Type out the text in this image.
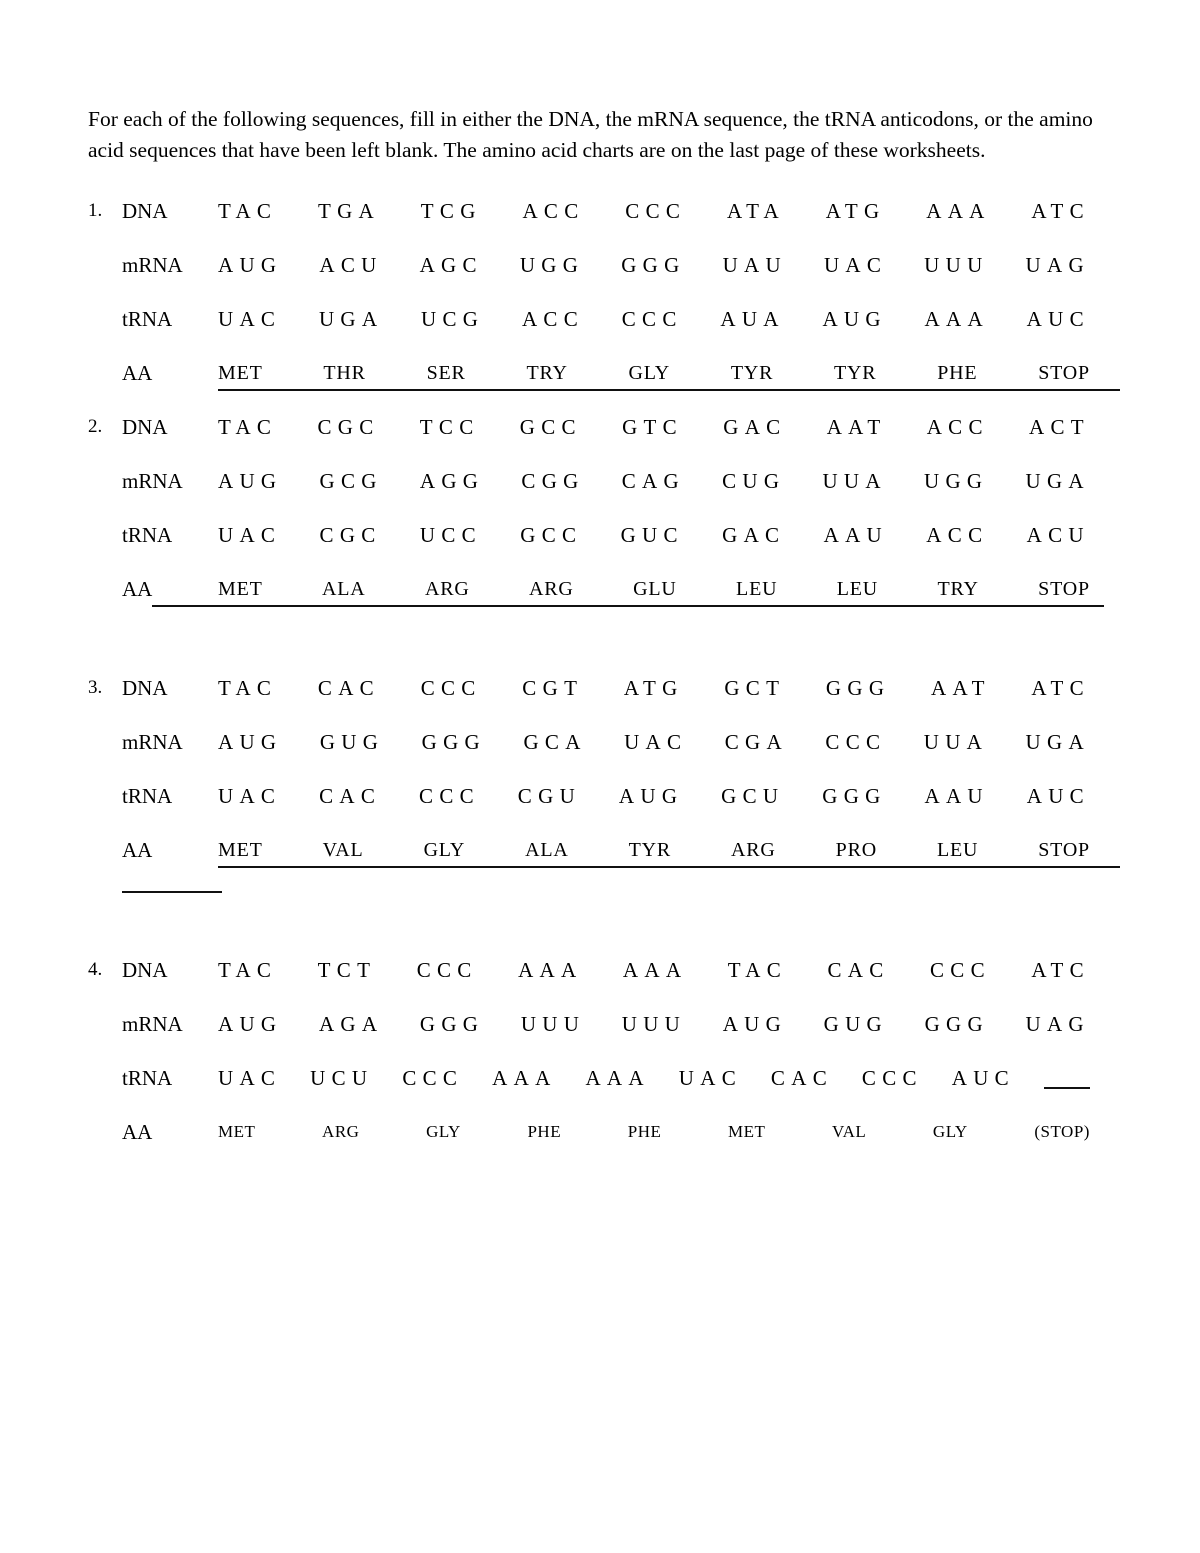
For each of the following sequences, fill in either the DNA, the mRNA sequence, the tRNA anticodons, or the amino acid sequences that have been left blank. The amino acid charts are on the last page of these worksheets.

1. DNA	TAC TGA TCG ACC CCC ATA ATG AAA ATC
mRNA	AUG ACU AGC UGG GGG UAU UAC UUU UAG
tRNA	UAC UGA UCG ACC CCC AUA AUG AAA AUC
AA	MET	THR	SER	TRY	GLY	TYR	TYR	PHE	STOP
2. DNA	TAC CGC TCC GCC GTC GAC AAT ACC ACT
mRNA	AUG GCG AGG CGG CAG CUG UUA UGG UGA
tRNA	UAC CGC UCC GCC GUC GAC AAU ACC ACU
AA	MET	ALA	ARG	ARG	GLU	LEU	LEU	TRY	STOP
3. DNA	TAC CAC CCC CGT ATG GCT GGG AAT ATC
mRNA	AUG GUG GGG GCA UAC CGA CCC UUA UGA
tRNA	UAC CAC CCC CGU AUG GCU GGG AAU AUC
AA	MET	VAL	GLY	ALA	TYR	ARG	PRO	LEU	STOP
4. DNA	TAC TCT CCC AAA AAA TAC CAC CCC ATC
mRNA	AUG AGA GGG UUU UUU AUG GUG GGG UAG
tRNA	UAC UCU CCC AAA AAA UAC CAC CCC AUC
AA	MET	ARG	GLY	PHE	PHE	MET	VAL	GLY	(STOP)
